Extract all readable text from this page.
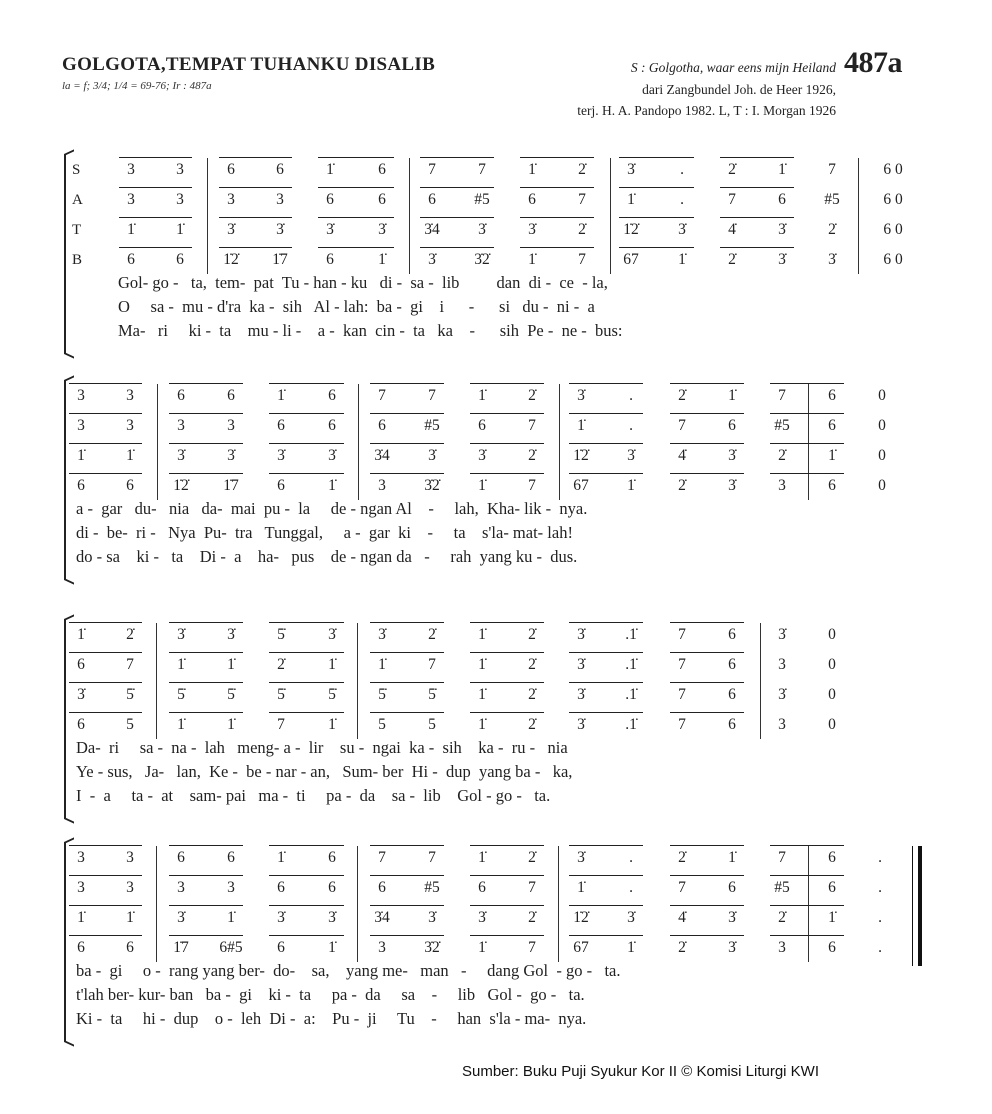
GOLGOTA,TEMPAT TUHANKU DISALIB
la = f; 3/4; 1/4 = 69-76; Ir : 487a
S : Golgotha, waar eens mijn Heiland
dari Zangbundel Joh. de Heer 1926,
terj. H. A. Pandopo 1982. L, T : I. Morgan 1926
487a
S	3	3	6	6	1̇	6	7	7	1̇	2̇	3̇	.	2̇	1̇	7	6 0
A	3	3	3	3	6	6	6	#5	6	7	1̇	.	7	6	#5	6 0
T	1̇	1̇	3̇	3̇	3̇	3̇	3̇4	3̇	3̇	2̇	1̇2̇	3̇	4̇	3̇	2̇	6 0
B	6	6	1̇2̇	1̇7	6	1̇	3̇	3̇2̇	1̇	7	67	1̇	2̇	3̇	3̇	6 0
Gol- go -   ta,  tem-  pat  Tu - han - ku   di -  sa -  lib         dan  di -  ce  - la,
O     sa -  mu - d'ra  ka -  sih   Al - lah:  ba -  gi    i      -      si   du -  ni -  a
Ma-   ri     ki -  ta    mu - li -    a -  kan  cin -  ta   ka    -      sih  Pe -  ne -  bus:
3	3	6	6	1̇	6	7	7	1̇	2̇	3̇	.	2̇	1̇	7	6	0
3	3	3	3	6	6	6	#5	6	7	1̇	.	7	6	#5	6	0
1̇	1̇	3̇	3̇	3̇	3̇	3̇4	3̇	3̇	2̇	1̇2̇	3̇	4̇	3̇	2̇	1̇	0
6	6	1̇2̇	1̇7	6	1̇	3	3̇2̇	1̇	7	67	1̇	2̇	3̇	3	6	0
a -  gar   du-   nia   da-  mai  pu -  la     de - ngan Al    -     lah,  Kha- lik -  nya.
di -  be-  ri -   Nya  Pu-  tra   Tunggal,     a -  gar  ki    -     ta    s'la- mat- lah!
do - sa    ki -   ta    Di -  a    ha-   pus    de - ngan da   -     rah  yang ku -  dus.
1̇	2̇	3̇	3̇	5̇	3̇	3̇	2̇	1̇	2̇	3̇	.1̇	7	6	3̇	0
6	7	1̇	1̇	2̇	1̇	1̇	7	1̇	2̇	3̇	.1̇	7	6	3	0
3̇	5̇	5̇	5̇	5̇	5̇	5̇	5̇	1̇	2̇	3̇	.1̇	7	6	3̇	0
6	5	1̇	1̇	7	1̇	5	5	1̇	2̇	3̇	.1̇	7	6	3	0
Da-  ri     sa -  na -  lah   meng- a -  lir    su -  ngai  ka -  sih    ka -  ru -   nia
Ye - sus,   Ja-   lan,  Ke -  be - nar - an,   Sum- ber  Hi -  dup  yang ba -   ka,
I  -  a     ta -  at    sam- pai   ma -  ti     pa -  da    sa -  lib    Gol - go -   ta.
3	3	6	6	1̇	6	7	7	1̇	2̇	3̇	.	2̇	1̇	7	6	.
3	3	3	3	6	6	6	#5	6	7	1̇	.	7	6	#5	6	.
1̇	1̇	3̇	1̇	3̇	3̇	3̇4	3̇	3̇	2̇	1̇2̇	3̇	4̇	3̇	2̇	1̇	.
6	6	1̇7	6#5	6	1̇	3	3̇2̇	1̇	7	67	1̇	2̇	3̇	3	6	.
ba -  gi     o -  rang yang ber-  do-    sa,    yang me-   man   -     dang Gol  - go -   ta.
t'lah ber- kur- ban   ba -  gi    ki -  ta     pa -  da     sa    -     lib   Gol -  go -   ta.
Ki -  ta     hi -  dup    o -  leh  Di -  a:    Pu -  ji     Tu    -     han  s'la - ma-  nya.
Sumber: Buku Puji Syukur Kor II © Komisi Liturgi KWI
